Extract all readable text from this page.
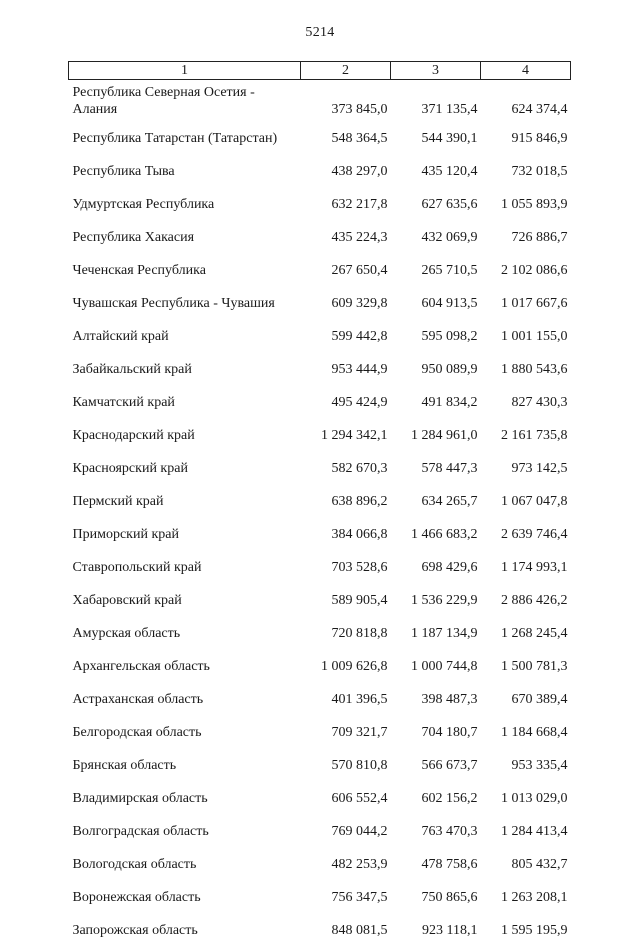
5214
1	2	3	4
Республика Северная Осетия -
Алания	373 845,0	371 135,4	624 374,4
Республика Татарстан (Татарстан)	548 364,5	544 390,1	915 846,9
Республика Тыва	438 297,0	435 120,4	732 018,5
Удмуртская Республика	632 217,8	627 635,6	1 055 893,9
Республика Хакасия	435 224,3	432 069,9	726 886,7
Чеченская Республика	267 650,4	265 710,5	2 102 086,6
Чувашская Республика - Чувашия	609 329,8	604 913,5	1 017 667,6
Алтайский край	599 442,8	595 098,2	1 001 155,0
Забайкальский край	953 444,9	950 089,9	1 880 543,6
Камчатский край	495 424,9	491 834,2	827 430,3
Краснодарский край	1 294 342,1	1 284 961,0	2 161 735,8
Красноярский край	582 670,3	578 447,3	973 142,5
Пермский край	638 896,2	634 265,7	1 067 047,8
Приморский край	384 066,8	1 466 683,2	2 639 746,4
Ставропольский край	703 528,6	698 429,6	1 174 993,1
Хабаровский край	589 905,4	1 536 229,9	2 886 426,2
Амурская область	720 818,8	1 187 134,9	1 268 245,4
Архангельская область	1 009 626,8	1 000 744,8	1 500 781,3
Астраханская область	401 396,5	398 487,3	670 389,4
Белгородская область	709 321,7	704 180,7	1 184 668,4
Брянская область	570 810,8	566 673,7	953 335,4
Владимирская область	606 552,4	602 156,2	1 013 029,0
Волгоградская область	769 044,2	763 470,3	1 284 413,4
Вологодская область	482 253,9	478 758,6	805 432,7
Воронежская область	756 347,5	750 865,6	1 263 208,1
Запорожская область	848 081,5	923 118,1	1 595 195,9
